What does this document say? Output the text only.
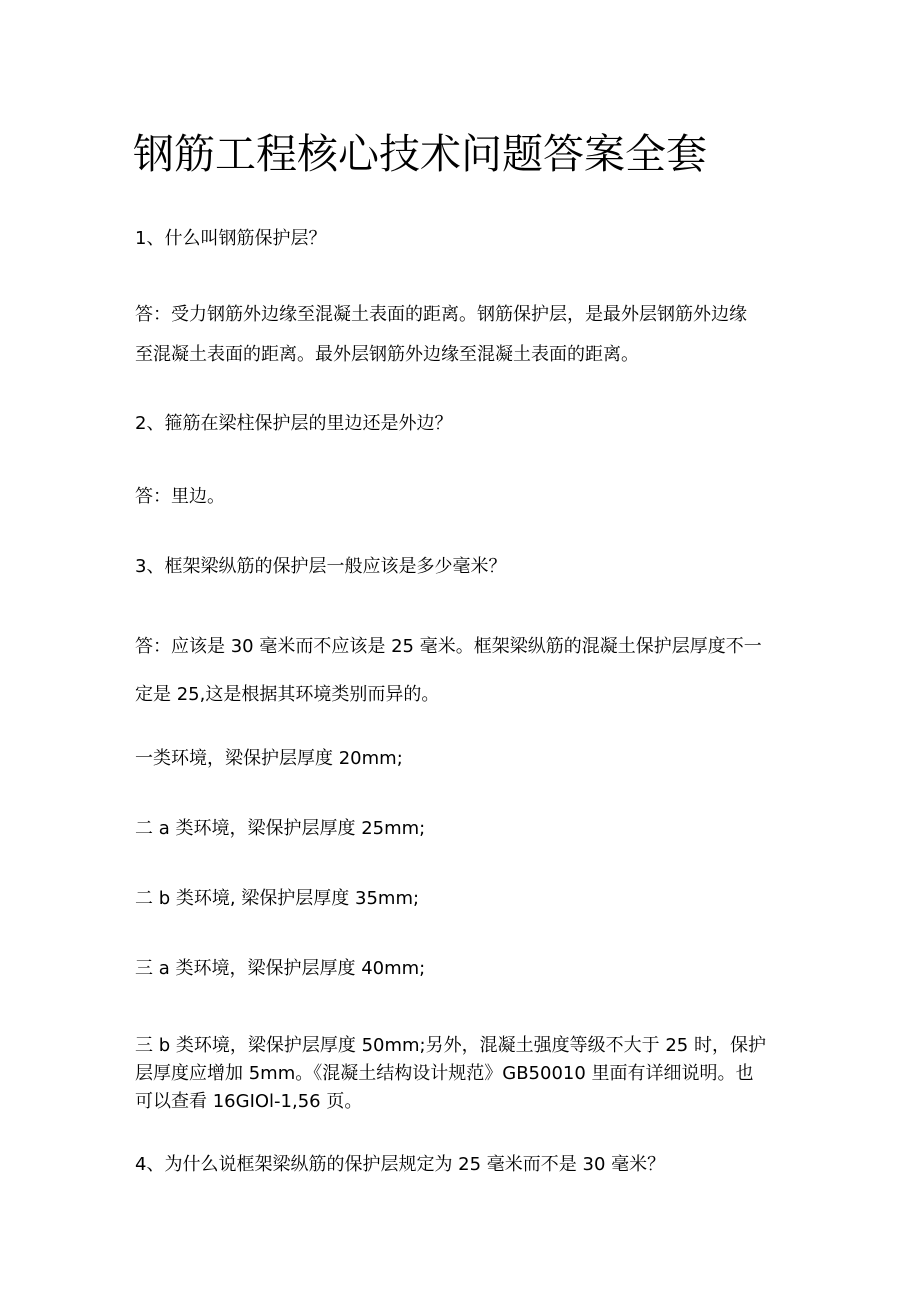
钢筋工程核心技术问题答案全套

1、什么叫钢筋保护层？

答：受力钢筋外边缘至混凝土表面的距离。钢筋保护层，是最外层钢筋外边缘
至混凝土表面的距离。最外层钢筋外边缘至混凝土表面的距离。

2、箍筋在梁柱保护层的里边还是外边？

答：里边。

3、框架梁纵筋的保护层一般应该是多少毫米？

答：应该是 30 毫米而不应该是 25 毫米。框架梁纵筋的混凝土保护层厚度不一
定是 25,这是根据其环境类别而异的。

一类环境，梁保护层厚度 20mm;

二 a 类环境，梁保护层厚度 25mm;

二 b 类环境, 梁保护层厚度 35mm;

三 a 类环境，梁保护层厚度 40mm;

三 b 类环境，梁保护层厚度 50mm;另外，混凝土强度等级不大于 25 时，保护
层厚度应增加 5mm。《混凝土结构设计规范》GB50010 里面有详细说明。也
可以查看 16GIOl-1,56 页。

4、为什么说框架梁纵筋的保护层规定为 25 毫米而不是 30 毫米？
